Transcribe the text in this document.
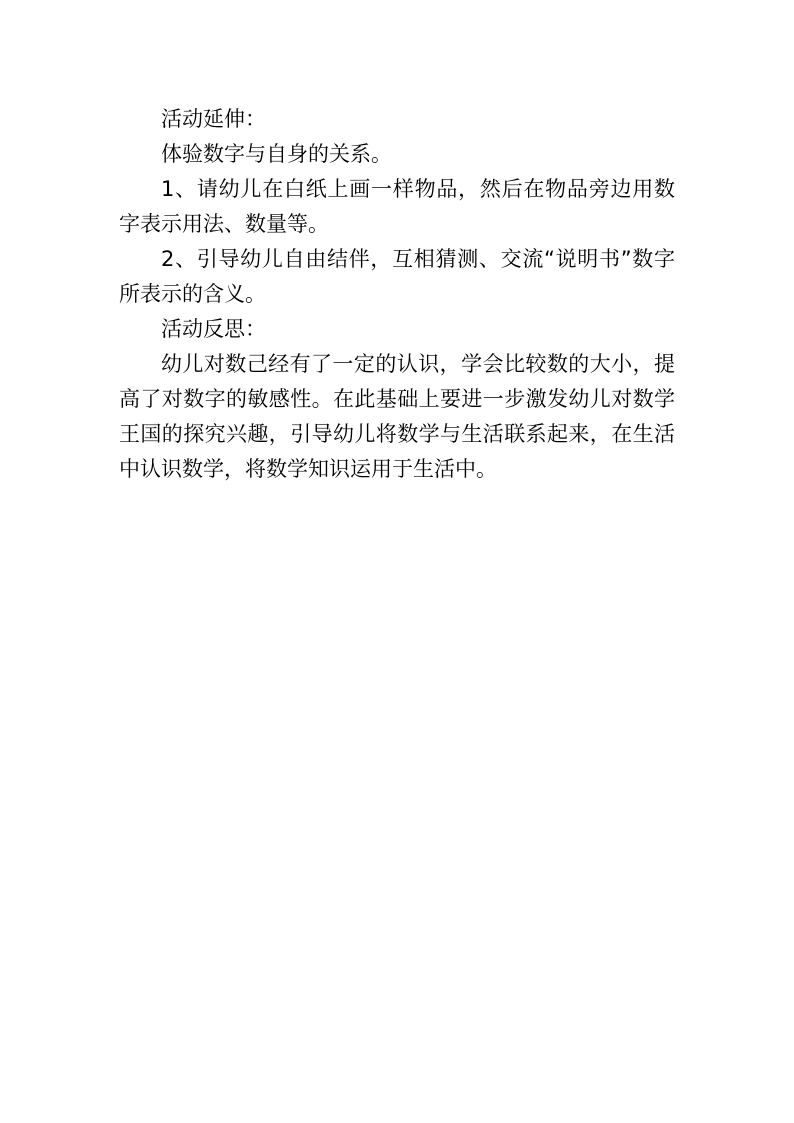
活动延伸：

体验数字与自身的关系。

1、请幼儿在白纸上画一样物品，然后在物品旁边用数字表示用法、数量等。

2、引导幼儿自由结伴，互相猜测、交流“说明书”数字所表示的含义。

活动反思：

幼儿对数己经有了一定的认识，学会比较数的大小，提高了对数字的敏感性。在此基础上要进一步激发幼儿对数学王国的探究兴趣，引导幼儿将数学与生活联系起来，在生活中认识数学，将数学知识运用于生活中。
